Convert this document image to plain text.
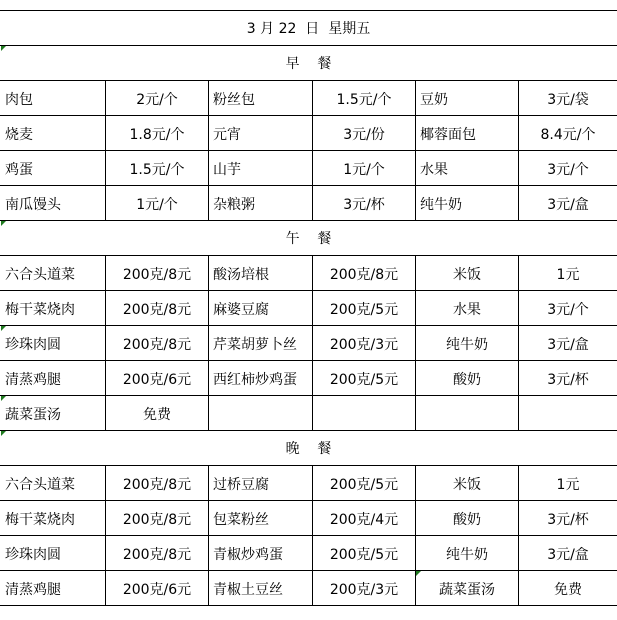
3 月 22  日  星期五
早    餐
肉包	2元/个	粉丝包	1.5元/个	豆奶	3元/袋
烧麦	1.8元/个	元宵	3元/份	椰蓉面包	8.4元/个
鸡蛋	1.5元/个	山芋	1元/个	水果	3元/个
南瓜馒头	1元/个	杂粮粥	3元/杯	纯牛奶	3元/盒
午    餐
六合头道菜	200克/8元	酸汤培根	200克/8元	米饭	1元
梅干菜烧肉	200克/8元	麻婆豆腐	200克/5元	水果	3元/个
珍珠肉圆	200克/8元	芹菜胡萝卜丝	200克/3元	纯牛奶	3元/盒
清蒸鸡腿	200克/6元	西红柿炒鸡蛋	200克/5元	酸奶	3元/杯
蔬菜蛋汤	免费
晚    餐
六合头道菜	200克/8元	过桥豆腐	200克/5元	米饭	1元
梅干菜烧肉	200克/8元	包菜粉丝	200克/4元	酸奶	3元/杯
珍珠肉圆	200克/8元	青椒炒鸡蛋	200克/5元	纯牛奶	3元/盒
清蒸鸡腿	200克/6元	青椒土豆丝	200克/3元	蔬菜蛋汤	免费
